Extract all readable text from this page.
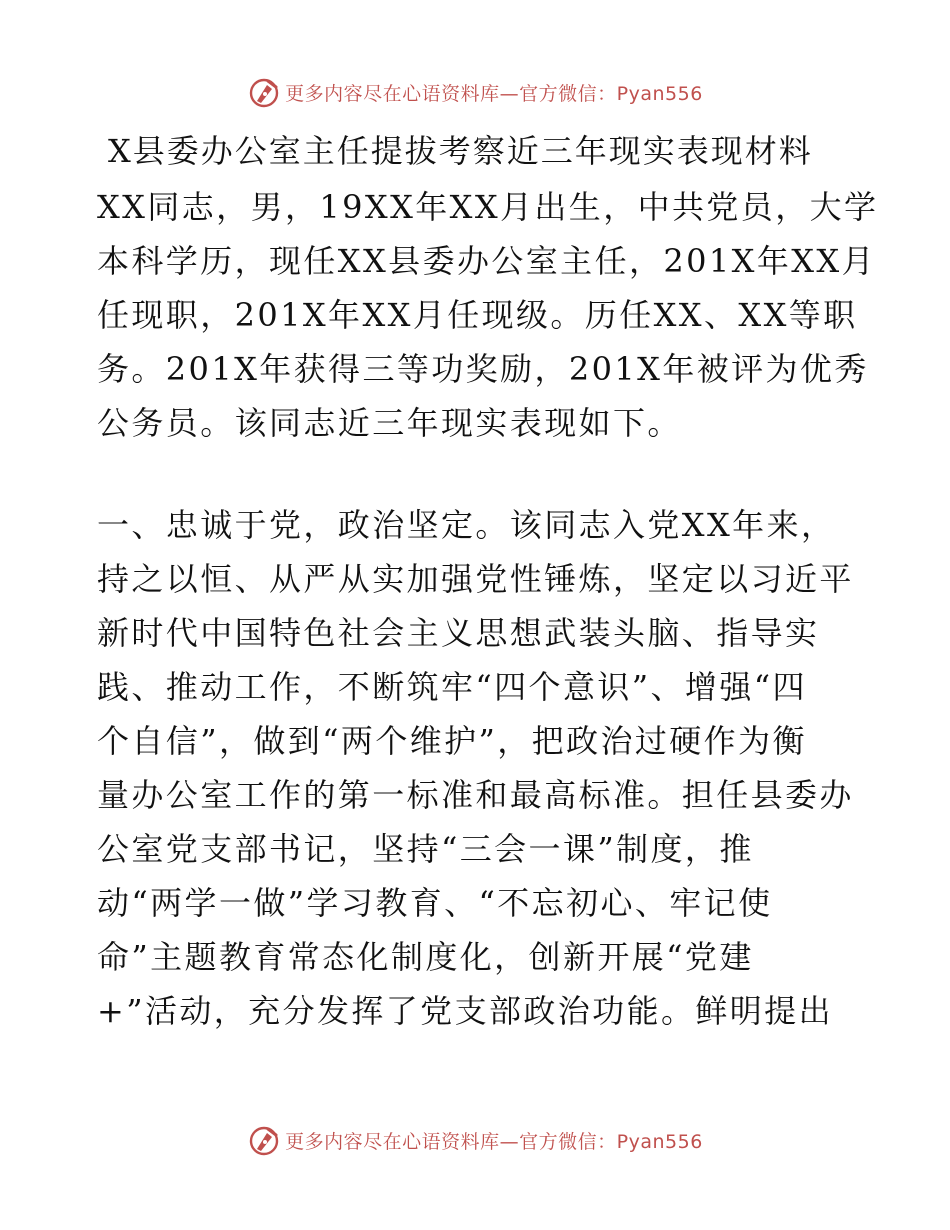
更多内容尽在心语资料库—官方微信：Pyan556
X县委办公室主任提拔考察近三年现实表现材料
XX同志，男，19XX年XX月出生，中共党员，大学
本科学历，现任XX县委办公室主任，201X年XX月
任现职，201X年XX月任现级。历任XX、XX等职
务。201X年获得三等功奖励，201X年被评为优秀
公务员。该同志近三年现实表现如下。
一、忠诚于党，政治坚定。该同志入党XX年来，
持之以恒、从严从实加强党性锤炼，坚定以习近平
新时代中国特色社会主义思想武装头脑、指导实
践、推动工作，不断筑牢“四个意识”、增强“四
个自信”，做到“两个维护”，把政治过硬作为衡
量办公室工作的第一标准和最高标准。担任县委办
公室党支部书记，坚持“三会一课”制度，推
动“两学一做”学习教育、“不忘初心、牢记使
命”主题教育常态化制度化，创新开展“党建
+”活动，充分发挥了党支部政治功能。鲜明提出
更多内容尽在心语资料库—官方微信：Pyan556
